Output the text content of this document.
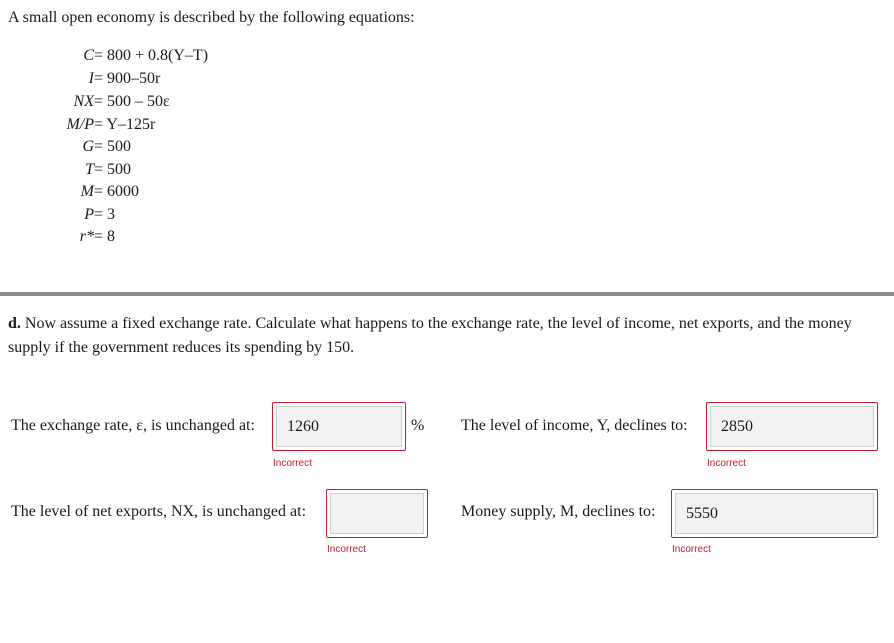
A small open economy is described by the following equations:
C = 800 + 0.8(Y–T)
I = 900–50r
NX = 500 – 50ε
M/P = Y–125r
G = 500
T = 500
M = 6000
P = 3
r* = 8
d. Now assume a fixed exchange rate. Calculate what happens to the exchange rate, the level of income, net exports, and the money supply if the government reduces its spending by 150.
The exchange rate, ε, is unchanged at:
1260	%
Incorrect
The level of income, Y, declines to:
2850
Incorrect
The level of net exports, NX, is unchanged at:
Incorrect
Money supply, M, declines to:
5550
Incorrect
